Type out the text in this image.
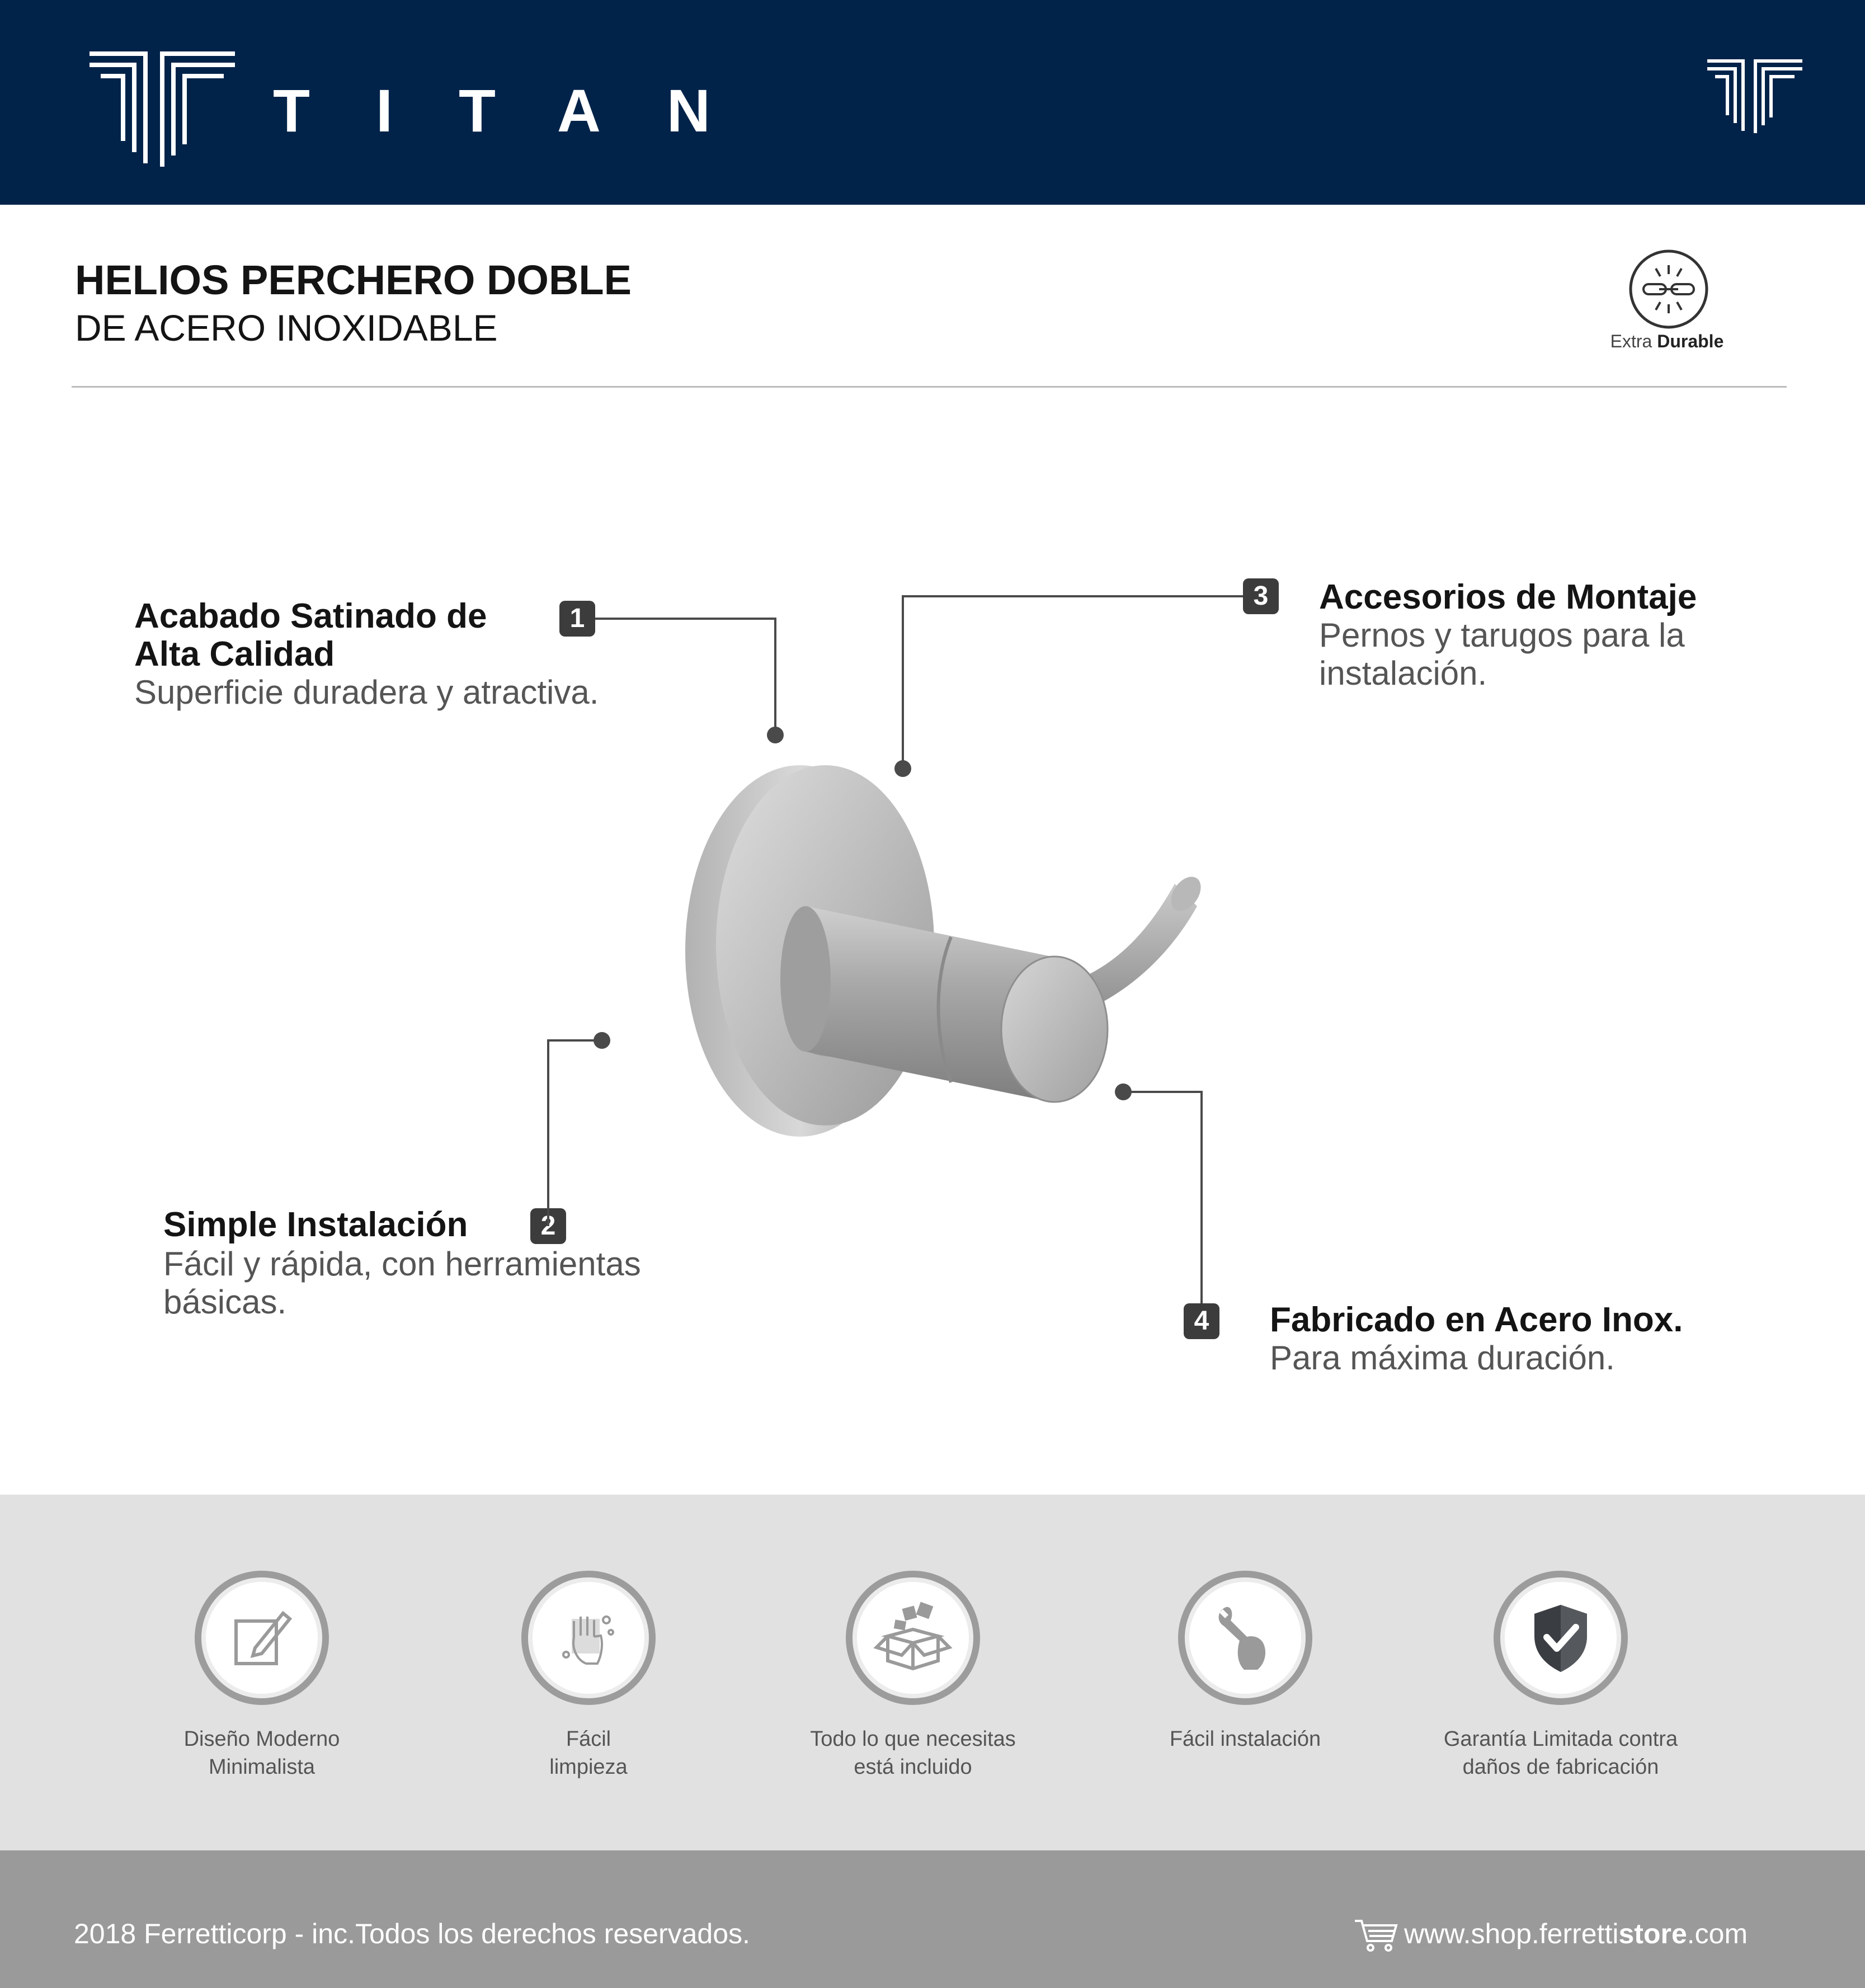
TITAN
HELIOS PERCHERO DOBLE
DE ACERO INOXIDABLE	Extra Durable
Acabado Satinado de
Alta Calidad
Superficie duradera y atractiva.
1
Simple Instalación
Fácil y rápida, con herramientas
básicas.
2
Accesorios de Montaje
Pernos y tarugos para la
instalación.
3
Fabricado en Acero Inox.
Para máxima duración.
4
Diseño Moderno
Minimalista
Fácil
limpieza
Todo lo que necesitas
está incluido
Fácil instalación	Garantía Limitada contra
daños de fabricación
2018 Ferretticorp - inc.Todos los derechos reservados.	www.shop.ferrettistore.com
